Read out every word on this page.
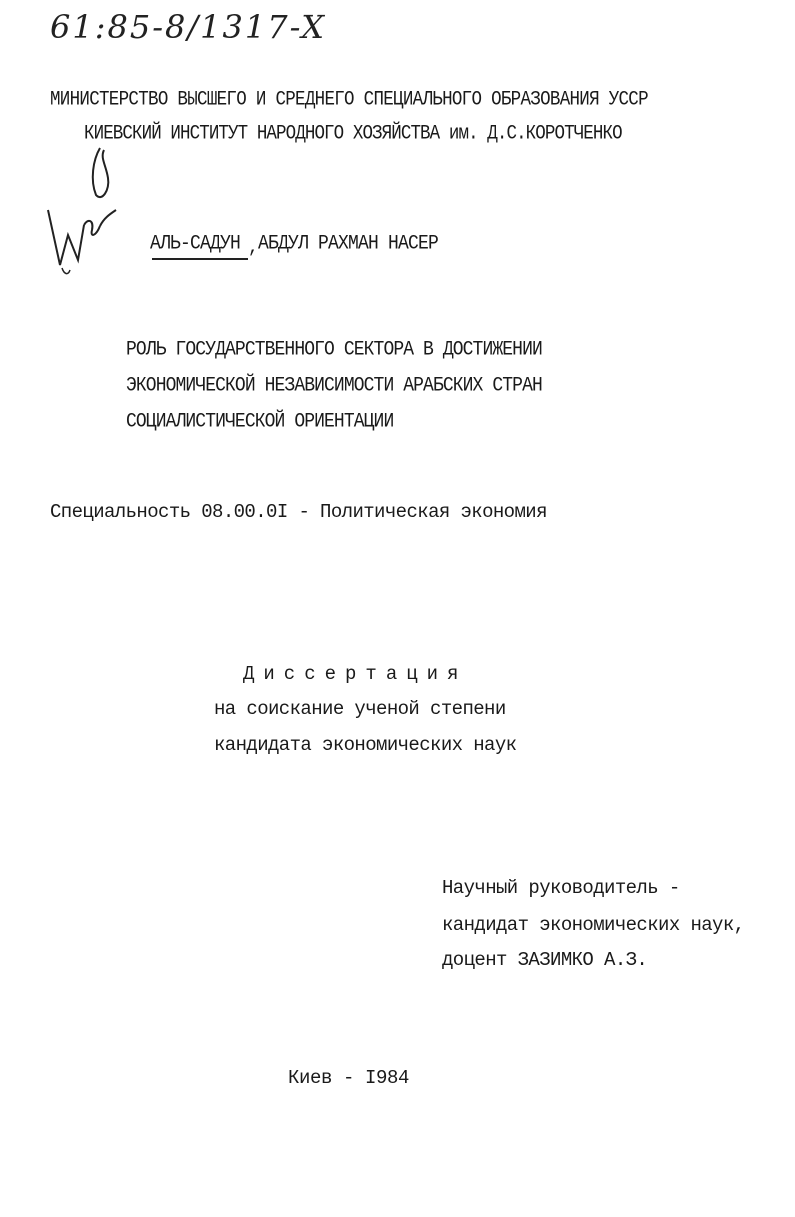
61:85-8/1317-X
МИНИСТЕРСТВО ВЫСШЕГО И СРЕДНЕГО СПЕЦИАЛЬНОГО ОБРАЗОВАНИЯ УССР
КИЕВСКИЙ ИНСТИТУТ НАРОДНОГО ХОЗЯЙСТВА им. Д.С.КОРОТЧЕНКО
АЛЬ-САДУН , АБДУЛ РАХМАН НАСЕР
РОЛЬ ГОСУДАРСТВЕННОГО СЕКТОРА В ДОСТИЖЕНИИ
ЭКОНОМИЧЕСКОЙ НЕЗАВИСИМОСТИ АРАБСКИХ СТРАН
СОЦИАЛИСТИЧЕСКОЙ ОРИЕНТАЦИИ
Специальность 08.00.0I - Политическая экономия
Диссертация
на соискание ученой степени
кандидата экономических наук
Научный руководитель -
кандидат экономических наук,
доцент ЗАЗИМКО А.З.
Киев - I984
